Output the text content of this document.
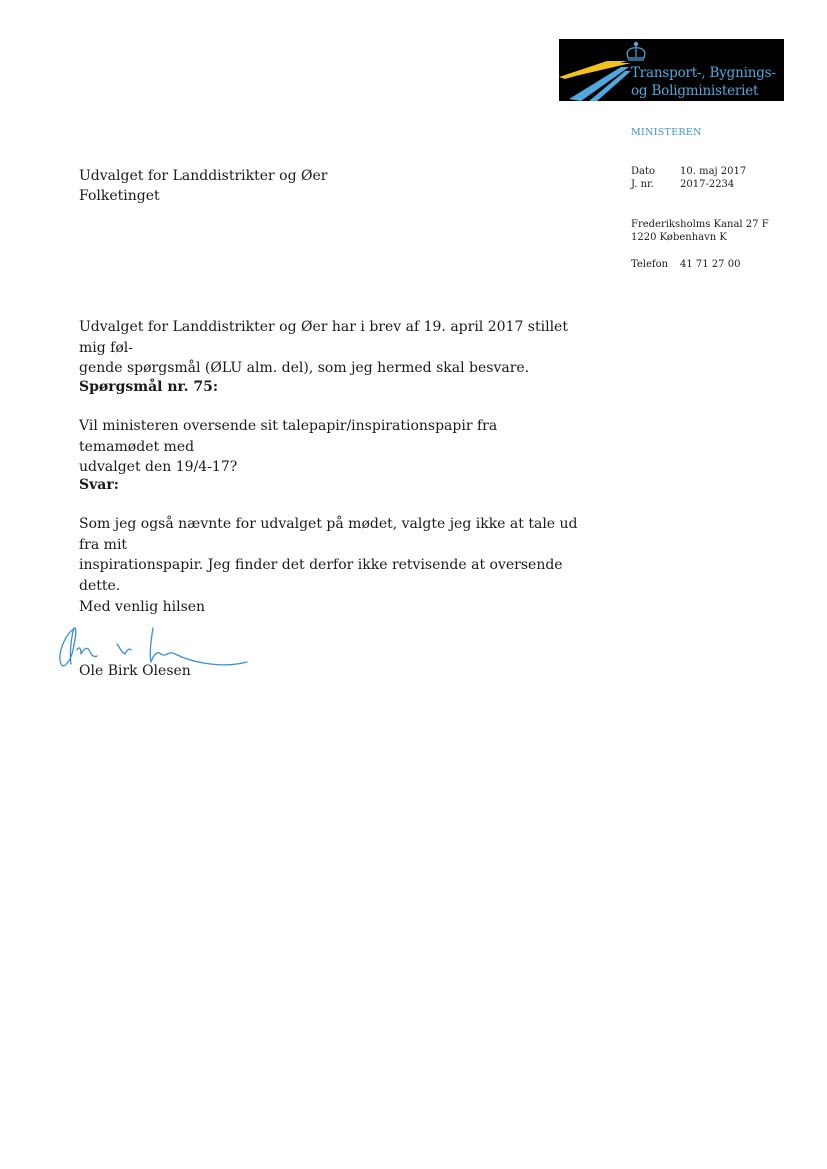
Transport-, Bygnings-
og Boligministeriet
MINISTEREN
Dato 10. maj 2017
J. nr.	2017-2234
Frederiksholms Kanal 27 F
1220 København K
Telefon 41 71 27 00
Udvalget for Landdistrikter og Øer
Folketinget
Udvalget for Landdistrikter og Øer har i brev af 19. april 2017 stillet mig føl-
gende spørgsmål (ØLU alm. del), som jeg hermed skal besvare.
Spørgsmål nr. 75:
Vil ministeren oversende sit talepapir/inspirationspapir fra temamødet med
udvalget den 19/4-17?
Svar:
Som jeg også nævnte for udvalget på mødet, valgte jeg ikke at tale ud fra mit
inspirationspapir. Jeg finder det derfor ikke retvisende at oversende dette.
Med venlig hilsen
Ole Birk Olesen
